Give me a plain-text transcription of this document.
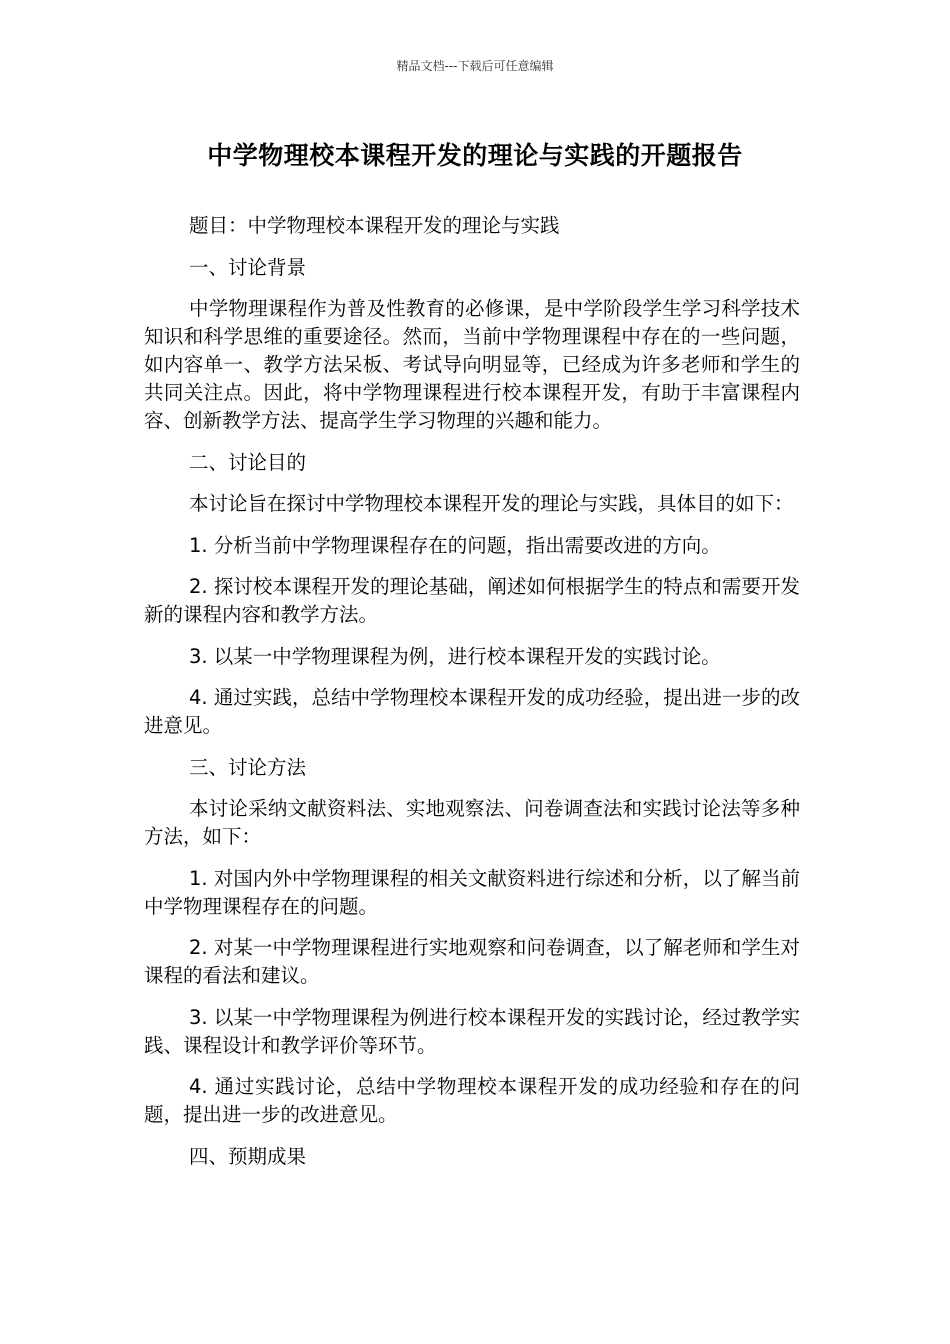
精品文档---下载后可任意编辑
中学物理校本课程开发的理论与实践的开题报告

题目：中学物理校本课程开发的理论与实践

一、讨论背景

中学物理课程作为普及性教育的必修课，是中学阶段学生学习科学技术知识和科学思维的重要途径。然而，当前中学物理课程中存在的一些问题，如内容单一、教学方法呆板、考试导向明显等，已经成为许多老师和学生的共同关注点。因此，将中学物理课程进行校本课程开发，有助于丰富课程内容、创新教学方法、提高学生学习物理的兴趣和能力。

二、讨论目的

本讨论旨在探讨中学物理校本课程开发的理论与实践，具体目的如下：

1. 分析当前中学物理课程存在的问题，指出需要改进的方向。

2. 探讨校本课程开发的理论基础，阐述如何根据学生的特点和需要开发新的课程内容和教学方法。

3. 以某一中学物理课程为例，进行校本课程开发的实践讨论。

4. 通过实践，总结中学物理校本课程开发的成功经验，提出进一步的改进意见。

三、讨论方法

本讨论采纳文献资料法、实地观察法、问卷调查法和实践讨论法等多种方法，如下：

1. 对国内外中学物理课程的相关文献资料进行综述和分析，以了解当前中学物理课程存在的问题。

2. 对某一中学物理课程进行实地观察和问卷调查，以了解老师和学生对课程的看法和建议。

3. 以某一中学物理课程为例进行校本课程开发的实践讨论，经过教学实践、课程设计和教学评价等环节。

4. 通过实践讨论，总结中学物理校本课程开发的成功经验和存在的问题，提出进一步的改进意见。

四、预期成果
